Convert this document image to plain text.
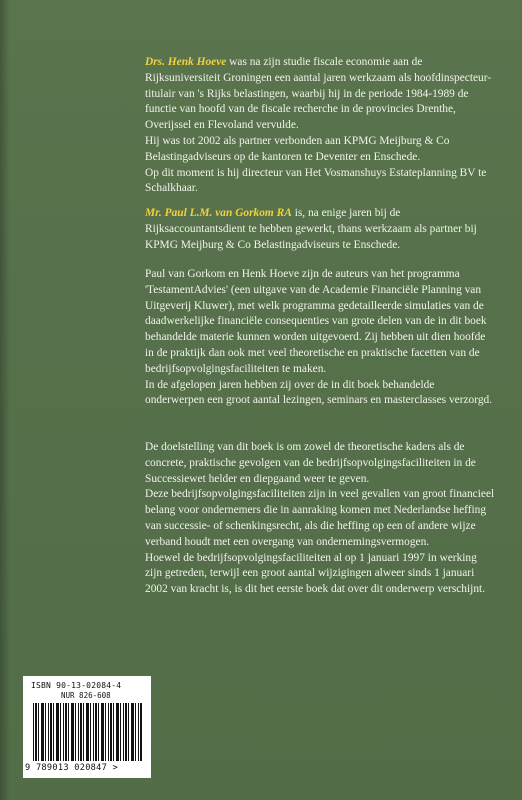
Drs. Henk Hoeve was na zijn studie fiscale economie aan de Rijksuniversiteit Groningen een aantal jaren werkzaam als hoofdinspecteur-titulair van 's Rijks belastingen, waarbij hij in de periode 1984-1989 de functie van hoofd van de fiscale recherche in de provincies Drenthe, Overijssel en Flevoland vervulde.

Hij was tot 2002 als partner verbonden aan KPMG Meijburg & Co Belastingadviseurs op de kantoren te Deventer en Enschede.

Op dit moment is hij directeur van Het Vosmanshuys Estateplanning BV te Schalkhaar.

Mr. Paul L.M. van Gorkom RA is, na enige jaren bij de Rijksaccountantsdient te hebben gewerkt, thans werkzaam als partner bij KPMG Meijburg & Co Belastingadviseurs te Enschede.

Paul van Gorkom en Henk Hoeve zijn de auteurs van het programma 'TestamentAdvies' (een uitgave van de Academie Financiële Planning van Uitgeverij Kluwer), met welk programma gedetailleerde simulaties van de daadwerkelijke financiële consequenties van grote delen van de in dit boek behandelde materie kunnen worden uitgevoerd. Zij hebben uit dien hoofde in de praktijk dan ook met veel theoretische en praktische facetten van de bedrijfsopvolgingsfaciliteiten te maken.

In de afgelopen jaren hebben zij over de in dit boek behandelde onderwerpen een groot aantal lezingen, seminars en masterclasses verzorgd.

De doelstelling van dit boek is om zowel de theoretische kaders als de concrete, praktische gevolgen van de bedrijfsopvolgingsfaciliteiten in de Successiewet helder en diepgaand weer te geven.

Deze bedrijfsopvolgingsfaciliteiten zijn in veel gevallen van groot financieel belang voor ondernemers die in aanraking komen met Nederlandse heffing van successie- of schenkingsrecht, als die heffing op een of andere wijze verband houdt met een overgang van ondernemingsvermogen.

Hoewel de bedrijfsopvolgingsfaciliteiten al op 1 januari 1997 in werking zijn getreden, terwijl een groot aantal wijzigingen alweer sinds 1 januari 2002 van kracht is, is dit het eerste boek dat over dit onderwerp verschijnt.

ISBN 90-13-02084-4
NUR 826-608
9 789013 020847 >
